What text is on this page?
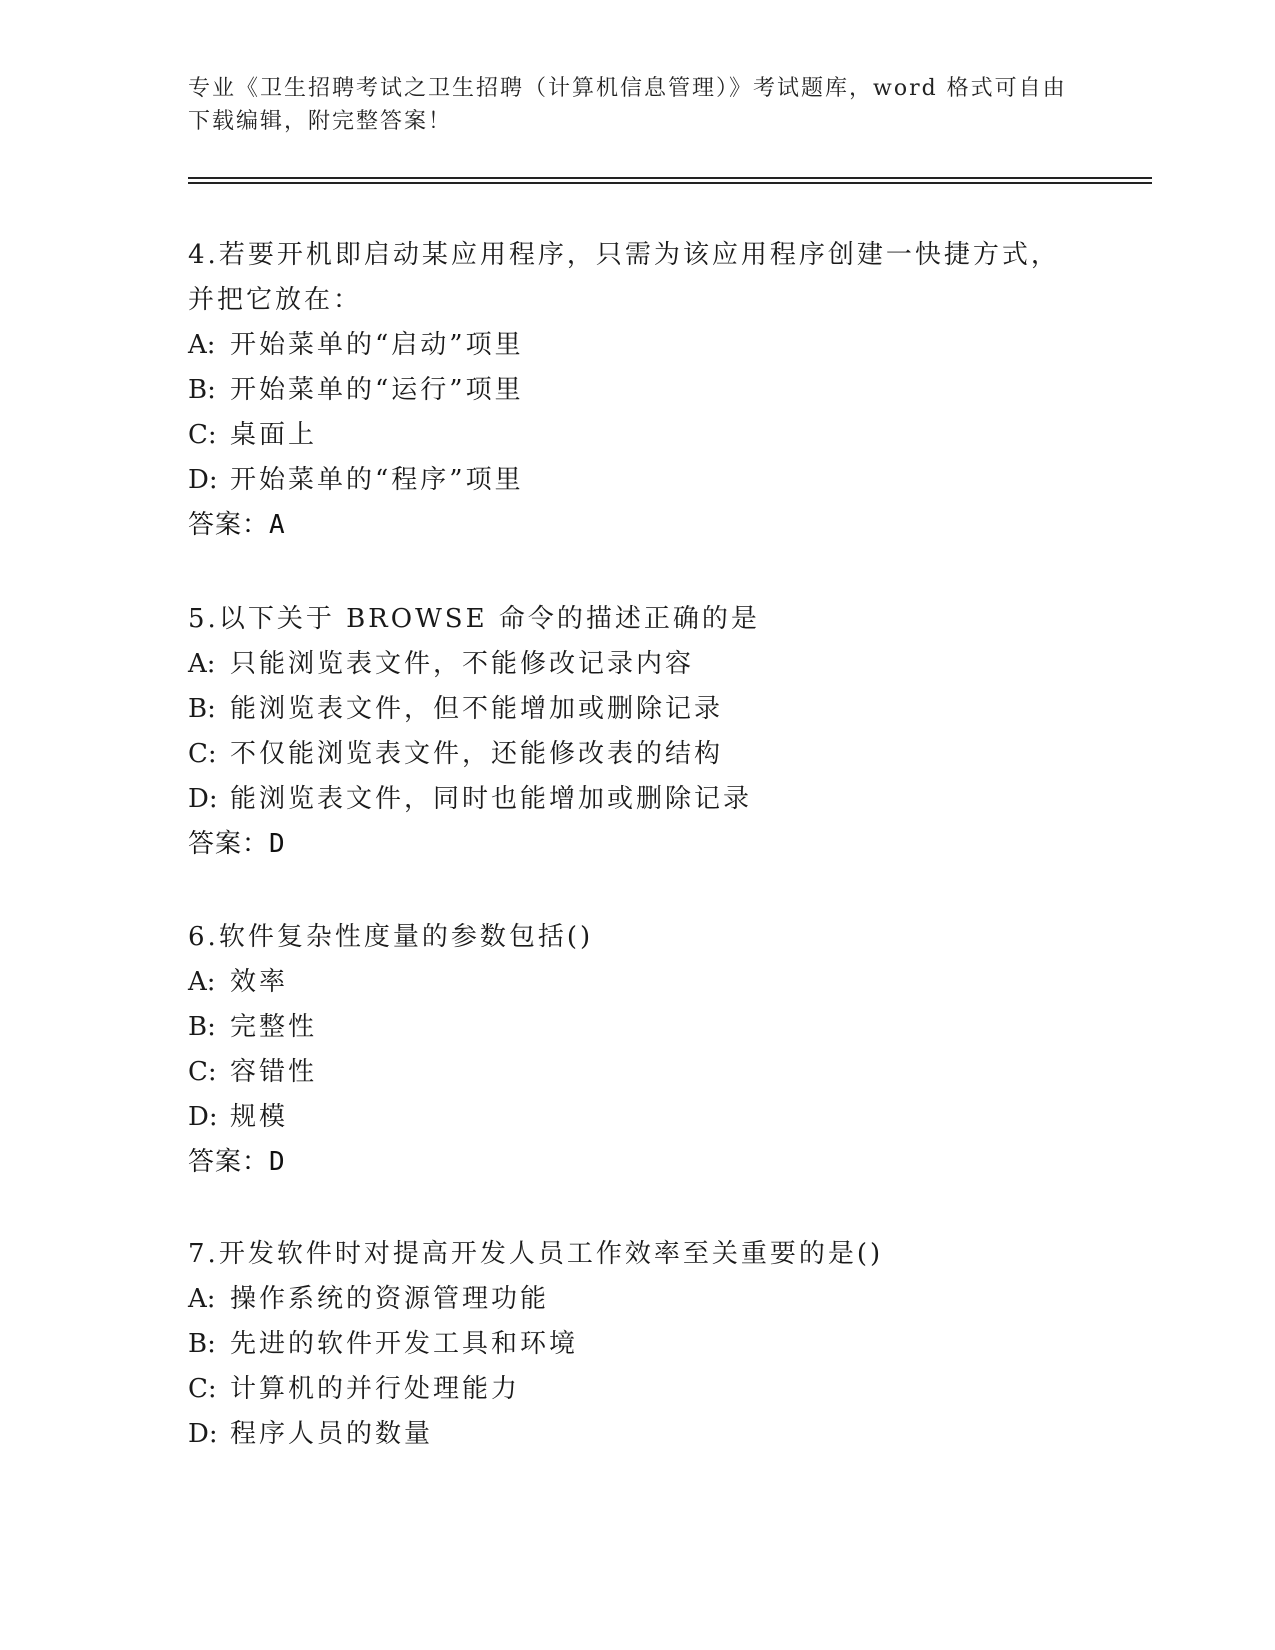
专业《卫生招聘考试之卫生招聘（计算机信息管理）》考试题库，word 格式可自由下载编辑，附完整答案！
4.若要开机即启动某应用程序，只需为该应用程序创建一快捷方式，
并把它放在：
A: 开始菜单的“启动”项里
B: 开始菜单的“运行”项里
C: 桌面上
D: 开始菜单的“程序”项里
答案：A
5.以下关于 BROWSE 命令的描述正确的是
A: 只能浏览表文件，不能修改记录内容
B: 能浏览表文件，但不能增加或删除记录
C: 不仅能浏览表文件，还能修改表的结构
D: 能浏览表文件，同时也能增加或删除记录
答案：D
6.软件复杂性度量的参数包括()
A: 效率
B: 完整性
C: 容错性
D: 规模
答案：D
7.开发软件时对提高开发人员工作效率至关重要的是()
A: 操作系统的资源管理功能
B: 先进的软件开发工具和环境
C: 计算机的并行处理能力
D: 程序人员的数量
